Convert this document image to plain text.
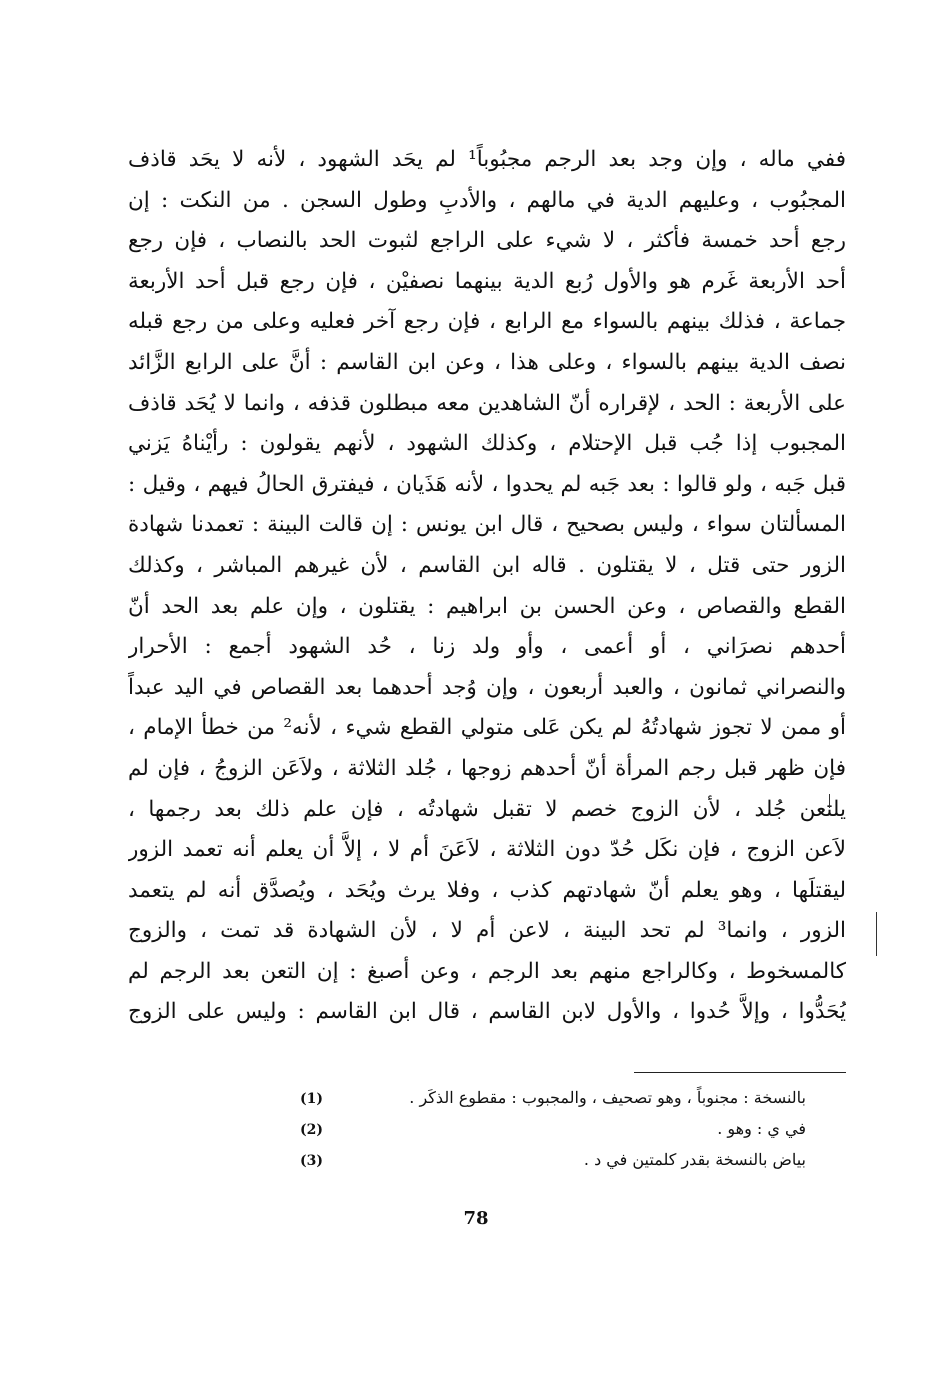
ففي ماله ، وإن وجد بعد الرجم مجبُوباً¹ لم يحَد الشهود ، لأنه لا يحَد قاذف
المجبُوب ، وعليهم الدية في مالهم ، والأدبِ وطول السجن . من النكت : إن
رجع أحد خمسة فأكثر ، لا شيء على الراجع لثبوت الحد بالنصاب ، فإن رجع
أحد الأربعة غَرم هو والأول رُبع الدية بينهما نصفيْن ، فإن رجع قبل أحد الأربعة
جماعة ، فذلك بينهم بالسواء مع الرابع ، فإن رجع آخر فعليه وعلى من رجع قبله
نصف الدية بينهم بالسواء ، وعلى هذا ، وعن ابن القاسم : أنَّ على الرابع الزَّائد
على الأربعة : الحد ، لإقراره أنّ الشاهدين معه مبطلون قذفه ، وانما لا يُحَد قاذف
المجبوب إذا جُب قبل الإحتلام ، وكذلك الشهود ، لأنهم يقولون : رأيْناهُ يَزني
قبل جَبه ، ولو قالوا : بعد جَبه لم يحدوا ، لأنه هَذَيان ، فيفترق الحالُ فيهم ، وقيل :
المسألتان سواء ، وليس بصحيح ، قال ابن يونس : إن قالت البينة : تعمدنا شهادة
الزور حتى قتل ، لا يقتلون . قاله ابن القاسم ، لأن غيرهم المباشر ، وكذلك
القطع والقصاص ، وعن الحسن بن ابراهيم : يقتلون ، وإن علم بعد الحد أنّ
أحدهم نصرَاني ، أو أعمى ، وأو ولد زنا ، حُد الشهود أجمع : الأحرار
والنصراني ثمانون ، والعبد أربعون ، وإن وُجد أحدهما بعد القصاص في اليد عبداً
أو ممن لا تجوز شهادتُهُ لم يكن عَلى متولي القطع شيء ، لأنه² من خطأ الإمام ،
فإن ظهر قبل رجم المرأة أنّ أحدهم زوجها ، جُلد الثلاثة ، ولاَعَن الزوجُ ، فإن لم
يلتعن جُلد ، لأن الزوج خصم لا تقبل شهادتُه ، فإن علم ذلك بعد رجمها ،
لاَعن الزوج ، فإن نكَل حُدّ دون الثلاثة ، لاَعَنَ أم لا ، إلاَّ أن يعلم أنه تعمد الزور
ليقتلَها ، وهو يعلم أنّ شهادتهم كذب ، وفلا يرث ويُحَد ، ويُصدَّق أنه لم يتعمد
الزور ، وانما³ لم تحد البينة ، لاعن أم لا ، لأن الشهادة قد تمت ، والزوج
كالمسخوط ، وكالراجع منهم بعد الرجم ، وعن أصبغ : إن التعن بعد الرجم لم
يُحَدُّوا ، وإلاَّ حُدوا ، والأول لابن القاسم ، قال ابن القاسم : وليس على الزوج
بالنسخة : مجنوباً ، وهو تصحيف ، والمجبوب : مقطوع الذكَر .
(1)
في ي : وهو .
(2)
بياض بالنسخة بقدر كلمتين في د .
(3)
78
